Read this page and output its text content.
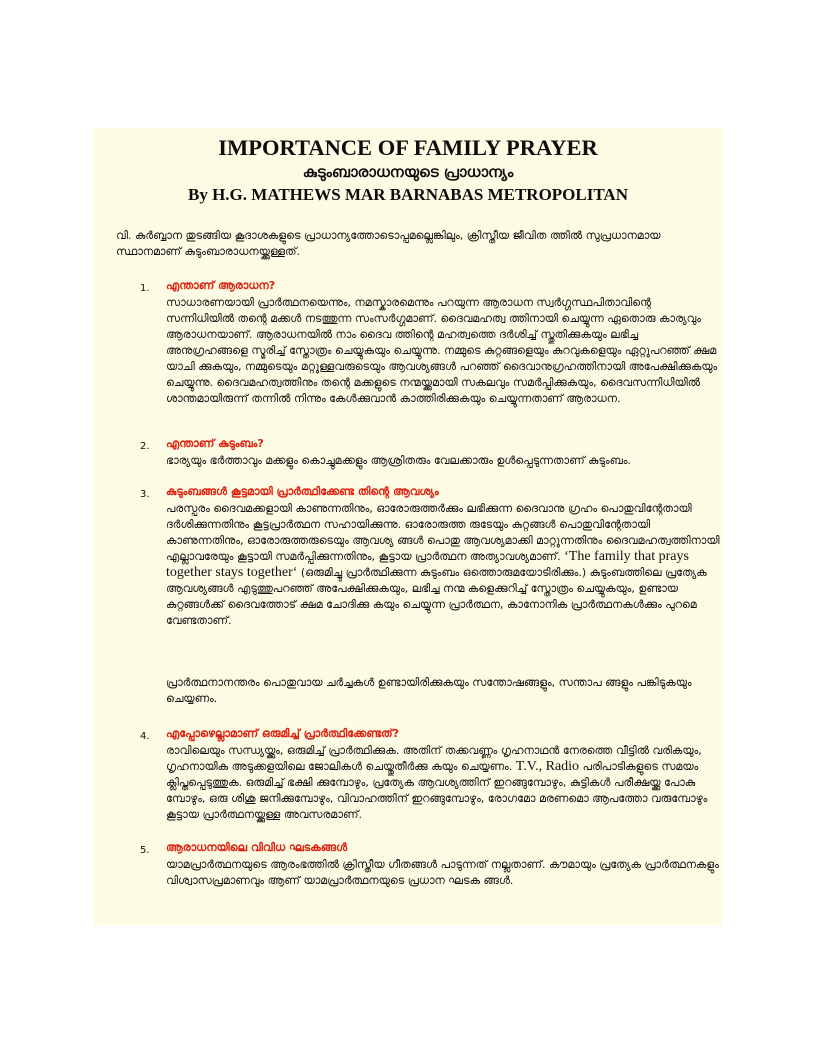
IMPORTANCE OF FAMILY PRAYER
കുടുംബാരാധനയുടെ പ്രാധാന്യം
By H.G. MATHEWS MAR BARNABAS METROPOLITAN
വി. കുർബ്ബാന തുടങ്ങിയ കൂദാശകളുടെ പ്രാധാന്യത്തോടൊപ്പമല്ലെങ്കിലും, ക്രിസ്തീയ ജീവിത ത്തിൽ സുപ്രധാനമായ സ്ഥാനമാണ് കുടുംബാരാധനയ്ക്കുള്ളത്.
1. എന്താണ് ആരാധന?
സാധാരണയായി പ്രാർത്ഥനയെന്നും, നമസ്കാരമെന്നും പറയുന്ന ആരാധന സ്വർഗ്ഗസ്ഥപിതാവിന്റെ സന്നിധിയിൽ തന്റെ മക്കൾ നടത്തുന്ന സംസർഗ്ഗമാണ്. ദൈവമഹത്വ ത്തിനായി ചെയ്യുന്ന ഏതൊരു കാര്യവും ആരാധനയാണ്. ആരാധനയിൽ നാം ദൈവ ത്തിന്റെ മഹത്വത്തെ ദർശിച്ച് സ്തുതിക്കുകയും ലഭിച്ച അനുഗ്രഹങ്ങളെ സ്മരിച്ച് സ്തോത്രം ചെയ്യുകയും ചെയ്യുന്നു. നമ്മുടെ കുറ്റങ്ങളെയും കുറവുകളെയും ഏറ്റുപറഞ്ഞ് ക്ഷമ യാചി ക്കുകയും, നമ്മുടെയും മറ്റുള്ളവരുടെയും ആവശ്യങ്ങൾ പറഞ്ഞ് ദൈവാനുഗ്രഹത്തിനായി അപേക്ഷിക്കുകയും ചെയ്യുന്നു. ദൈവമഹത്വത്തിനും തന്റെ മക്കളുടെ നന്മയ്ക്കുമായി സകലവും സമർപ്പിക്കുകയും, ദൈവസന്നിധിയിൽ ശാന്തമായിരുന്ന് തന്നിൽ നിന്നും കേൾക്കുവാൻ കാത്തിരിക്കുകയും ചെയ്യുന്നതാണ് ആരാധന.
2. എന്താണ് കുടുംബം?
ഭാര്യയും ഭർത്താവും മക്കളും കൊച്ചുമക്കളും ആശ്രിതരും വേലക്കാരും ഉൾപ്പെടുന്നതാണ് കുടുംബം.
3. കുടുംബങ്ങൾ കൂട്ടമായി പ്രാർത്ഥിക്കേണ്ട തിന്റെ ആവശ്യം

പരസ്പരം ദൈവമക്കളായി കാണുന്നതിനും, ഓരോരുത്തർക്കും ലഭിക്കുന്ന ദൈവാനു ഗ്രഹം പൊതുവിന്റേതായി ദർശിക്കുന്നതിനും കൂട്ടപ്രാർത്ഥന സഹായിക്കുന്നു. ഓരോരുത്ത രുടേയും കുറ്റങ്ങൾ പൊതുവിന്റേതായി കാണുന്നതിനും, ഓരോരുത്തരുടെയും ആവശ്യ ങ്ങൾ പൊതു ആവശ്യമാക്കി മാറ്റുന്നതിനും ദൈവമഹത്വത്തിനായി എല്ലാവരേയും കൂട്ടായി സമർപ്പിക്കുന്നതിനും, കൂട്ടായ പ്രാർത്ഥന അത്യാവശ്യമാണ്. ‘The family that prays together stays together‘ (ഒരുമിച്ചു പ്രാർത്ഥിക്കുന്ന കുടുംബം ഒത്തൊരുമയോടിരിക്കും.) കുടുംബത്തിലെ പ്രത്യേക ആവശ്യങ്ങൾ എടുത്തുപറഞ്ഞ് അപേക്ഷിക്കുകയും, ലഭിച്ച നന്മ കളെക്കുറിച്ച് സ്തോത്രം ചെയ്യുകയും, ഉണ്ടായ കുറ്റങ്ങൾക്ക് ദൈവത്തോട് ക്ഷമ ചോദിക്കു കയും ചെയ്യുന്ന പ്രാർത്ഥന, കാനോനിക പ്രാർത്ഥനകൾക്കും പുറമെ വേണ്ടതാണ്.

പ്രാർത്ഥനാനന്തരം പൊതുവായ ചർച്ചകൾ ഉണ്ടായിരിക്കുകയും സന്തോഷങ്ങളും, സന്താപ ങ്ങളും പങ്കിടുകയും ചെയ്യണം.
4. എപ്പോഴെല്ലാമാണ് ഒരുമിച്ച് പ്രാർത്ഥിക്കേണ്ടത്?

രാവിലെയും സന്ധ്യയ്ക്കും, ഒരുമിച്ച് പ്രാർത്ഥിക്കുക. അതിന് തക്കവണ്ണം ഗൃഹനാഥൻ നേരത്തെ വീട്ടിൽ വരികയും, ഗൃഹനായിക അടുക്കളയിലെ ജോലികൾ ചെയ്തുതീർക്കു കയും ചെയ്യണം. T.V., Radio പരിപാടികളുടെ സമയം ക്ലിപ്തപ്പെടുത്തുക. ഒരുമിച്ച് ഭക്ഷി ക്കുമ്പോഴും, പ്രത്യേക ആവശ്യത്തിന് ഇറങ്ങുമ്പോഴും, കുട്ടികൾ പരീക്ഷയ്ക്കു പോകു മ്പോഴും, ഒരു ശിശു ജനിക്കുമ്പോഴും, വിവാഹത്തിന് ഇറങ്ങുമ്പോഴും, രോഗമോ മരണമൊ ആപത്തോ വരുമ്പോഴും കൂട്ടായ പ്രാർത്ഥനയ്ക്കുള്ള അവസരമാണ്.

5. ആരാധനയിലെ വിവിധ ഘടകങ്ങൾ
യാമപ്രാർത്ഥനയുടെ ആരംഭത്തിൽ ക്രിസ്തീയ ഗീതങ്ങൾ പാടുന്നത് നല്ലതാണ്. കൗമായും പ്രത്യേക പ്രാർത്ഥനകളും വിശ്വാസപ്രമാണവും ആണ് യാമപ്രാർത്ഥനയുടെ പ്രധാന ഘടക ങ്ങൾ.
